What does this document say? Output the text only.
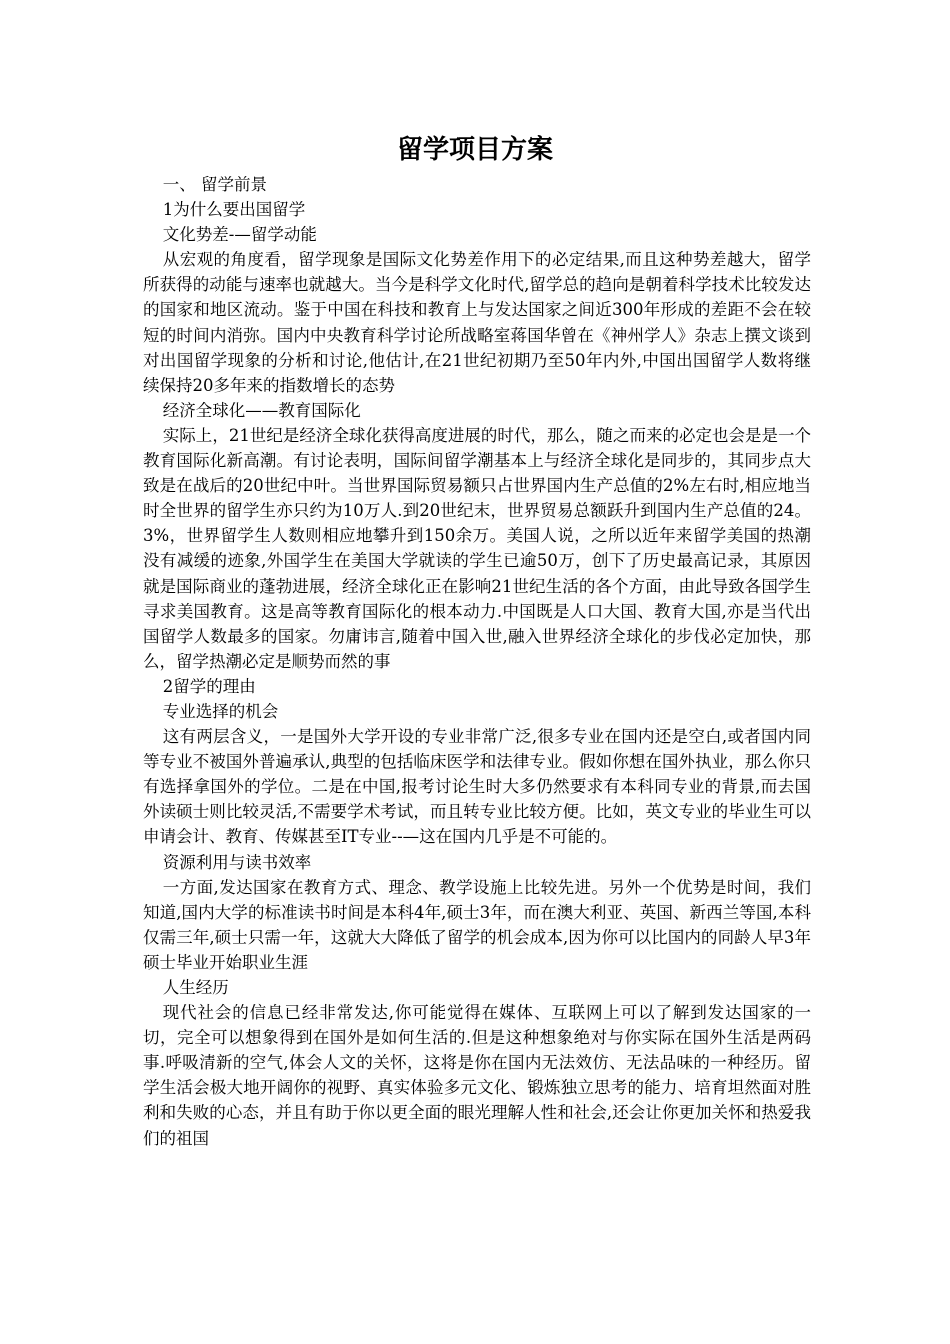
留学项目方案

一、 留学前景

1为什么要出国留学

文化势差-—留学动能

从宏观的角度看，留学现象是国际文化势差作用下的必定结果,而且这种势差越大，留学所获得的动能与速率也就越大。当今是科学文化时代,留学总的趋向是朝着科学技术比较发达的国家和地区流动。鉴于中国在科技和教育上与发达国家之间近300年形成的差距不会在较短的时间内消弥。国内中央教育科学讨论所战略室蒋国华曾在《神州学人》杂志上撰文谈到对出国留学现象的分析和讨论,他估计,在21世纪初期乃至50年内外,中国出国留学人数将继续保持20多年来的指数增长的态势

经济全球化——教育国际化

实际上，21世纪是经济全球化获得高度进展的时代，那么，随之而来的必定也会是是一个教育国际化新高潮。有讨论表明，国际间留学潮基本上与经济全球化是同步的，其同步点大致是在战后的20世纪中叶。当世界国际贸易额只占世界国内生产总值的2%左右时,相应地当时全世界的留学生亦只约为10万人.到20世纪末，世界贸易总额跃升到国内生产总值的24。3%，世界留学生人数则相应地攀升到150余万。美国人说，之所以近年来留学美国的热潮没有减缓的迹象,外国学生在美国大学就读的学生已逾50万，创下了历史最高记录，其原因就是国际商业的蓬勃进展，经济全球化正在影响21世纪生活的各个方面，由此导致各国学生寻求美国教育。这是高等教育国际化的根本动力.中国既是人口大国、教育大国,亦是当代出国留学人数最多的国家。勿庸讳言,随着中国入世,融入世界经济全球化的步伐必定加快，那么，留学热潮必定是顺势而然的事

2留学的理由

专业选择的机会

这有两层含义，一是国外大学开设的专业非常广泛,很多专业在国内还是空白,或者国内同等专业不被国外普遍承认,典型的包括临床医学和法律专业。假如你想在国外执业，那么你只有选择拿国外的学位。二是在中国,报考讨论生时大多仍然要求有本科同专业的背景,而去国外读硕士则比较灵活,不需要学术考试，而且转专业比较方便。比如，英文专业的毕业生可以申请会计、教育、传媒甚至IT专业--—这在国内几乎是不可能的。

资源利用与读书效率

一方面,发达国家在教育方式、理念、教学设施上比较先进。另外一个优势是时间，我们知道,国内大学的标准读书时间是本科4年,硕士3年，而在澳大利亚、英国、新西兰等国,本科仅需三年,硕士只需一年，这就大大降低了留学的机会成本,因为你可以比国内的同龄人早3年硕士毕业开始职业生涯

人生经历

现代社会的信息已经非常发达,你可能觉得在媒体、互联网上可以了解到发达国家的一切，完全可以想象得到在国外是如何生活的.但是这种想象绝对与你实际在国外生活是两码事.呼吸清新的空气,体会人文的关怀，这将是你在国内无法效仿、无法品味的一种经历。留学生活会极大地开阔你的视野、真实体验多元文化、锻炼独立思考的能力、培育坦然面对胜利和失败的心态，并且有助于你以更全面的眼光理解人性和社会,还会让你更加关怀和热爱我们的祖国
